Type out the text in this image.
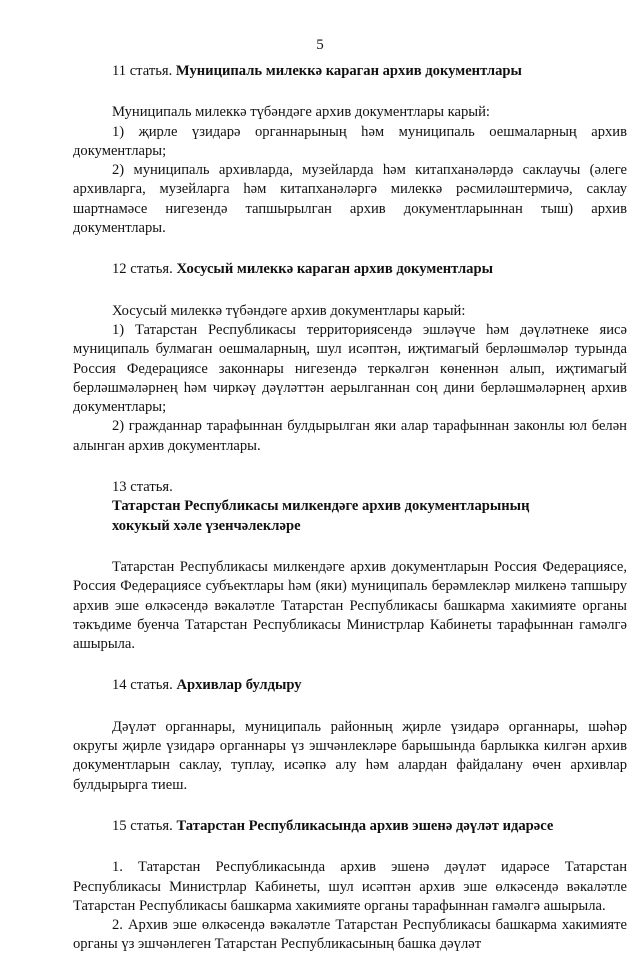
5

11 статья. Муниципаль милеккә караган архив документлары

Муниципаль милеккә түбәндәге архив документлары карый:

1) җирле үзидарә органнарының һәм муниципаль оешмаларның архив документлары;

2) муниципаль архивларда, музейларда һәм китапханәләрдә саклаучы (әлеге архивларга, музейларга һәм китапханәләргә милеккә рәсмиләштермичә, саклау шартнамәсе нигезендә тапшырылган архив документларыннан тыш) архив документлары.

12 статья. Хосусый милеккә караган архив документлары

Хосусый милеккә түбәндәге архив документлары карый:

1) Татарстан Республикасы территориясендә эшләүче һәм дәүләтнеке яисә муниципаль булмаган оешмаларның, шул исәптән, иҗтимагый берләшмәләр турында Россия Федерациясе законнары нигезендә теркәлгән көненнән алып, иҗтимагый берләшмәләрнең һәм чиркәү дәүләттән аерылганнан соң дини берләшмәләрнең архив документлары;

2) гражданнар тарафыннан булдырылган яки алар тарафыннан законлы юл белән алынган архив документлары.

13 статья.  Татарстан Республикасы милкендәге архив документларының хокукый хәле үзенчәлекләре

Татарстан Республикасы милкендәге архив документларын Россия Федерациясе, Россия Федерациясе субъектлары һәм (яки) муниципаль берәмлекләр милкенә тапшыру архив эше өлкәсендә вәкаләтле Татарстан Республикасы башкарма хакимияте органы тәкъдиме буенча Татарстан Республикасы Министрлар Кабинеты тарафыннан гамәлгә ашырыла.

14 статья. Архивлар булдыру

Дәүләт органнары, муниципаль районның җирле үзидарә органнары, шәһәр округы җирле үзидарә органнары үз эшчәнлекләре барышында барлыкка килгән архив документларын саклау, туплау, исәпкә алу һәм алардан файдалану өчен архивлар булдырырга тиеш.

15 статья. Татарстан Республикасында архив эшенә дәүләт идарәсе

1. Татарстан Республикасында архив эшенә дәүләт идарәсе Татарстан Республикасы Министрлар Кабинеты, шул исәптән архив эше өлкәсендә вәкаләтле Татарстан Республикасы башкарма хакимияте органы тарафыннан гамәлгә ашырыла.

2. Архив эше өлкәсендә вәкаләтле Татарстан Республикасы башкарма хакимияте органы үз эшчәнлеген Татарстан Республикасының башка дәүләт
